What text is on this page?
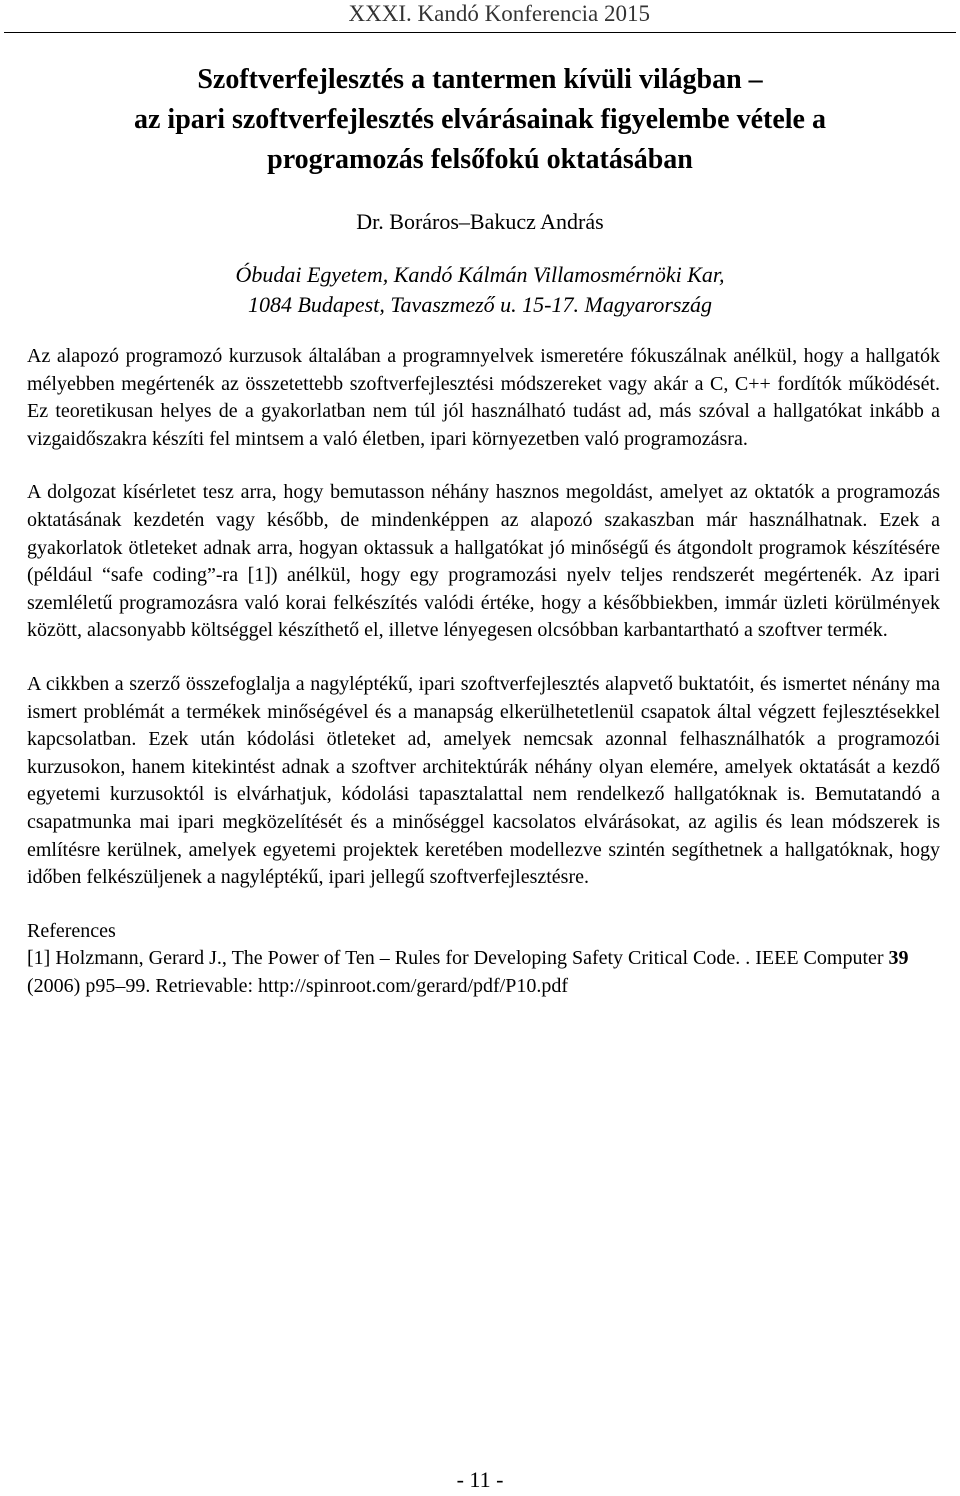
XXXI. Kandó Konferencia 2015
Szoftverfejlesztés a tantermen kívüli világban –
az ipari szoftverfejlesztés elvárásainak figyelembe vétele a
programozás felsőfokú oktatásában
Dr. Boráros–Bakucz András
Óbudai Egyetem, Kandó Kálmán Villamosmérnöki Kar,
1084 Budapest, Tavaszmező u. 15-17. Magyarország

Az alapozó programozó kurzusok általában a programnyelvek ismeretére fókuszálnak anélkül, hogy a hallgatók mélyebben megértenék az összetettebb szoftverfejlesztési módszereket vagy akár a C, C++ fordítók működését. Ez teoretikusan helyes de a gyakorlatban nem túl jól használható tudást ad, más szóval a hallgatókat inkább a vizgaidőszakra készíti fel mintsem a való életben, ipari környezetben való programozásra.

A dolgozat kísérletet tesz arra, hogy bemutasson néhány hasznos megoldást, amelyet az oktatók a programozás oktatásának kezdetén vagy később, de mindenképpen az alapozó szakaszban már használhatnak. Ezek a gyakorlatok ötleteket adnak arra, hogyan oktassuk a hallgatókat jó minőségű és átgondolt programok készítésére (például “safe coding”-ra [1]) anélkül, hogy egy programozási nyelv teljes rendszerét megértenék. Az ipari szemléletű programozásra való korai felkészítés valódi értéke, hogy a későbbiekben, immár üzleti körülmények között, alacsonyabb költséggel készíthető el, illetve lényegesen olcsóbban karbantartható a szoftver termék.

A cikkben a szerző összefoglalja a nagyléptékű, ipari szoftverfejlesztés alapvető buktatóit, és ismertet nénány ma ismert problémát a termékek minőségével és a manapság elkerülhetetlenül csapatok által végzett fejlesztésekkel kapcsolatban. Ezek után kódolási ötleteket ad, amelyek nemcsak azonnal felhasználhatók a programozói kurzusokon, hanem kitekintést adnak a szoftver architektúrák néhány olyan elemére, amelyek oktatását a kezdő egyetemi kurzusoktól is elvárhatjuk, kódolási tapasztalattal nem rendelkező hallgatóknak is. Bemutatandó a csapatmunka mai ipari megközelítését és a minőséggel kacsolatos elvárásokat, az agilis és lean módszerek is említésre kerülnek, amelyek egyetemi projektek keretében modellezve szintén segíthetnek a hallgatóknak, hogy időben felkészüljenek a nagyléptékű, ipari jellegű szoftverfejlesztésre.

References
[1] Holzmann, Gerard J., The Power of Ten – Rules for Developing Safety Critical Code. . IEEE Computer 39 (2006) p95–99. Retrievable: http://spinroot.com/gerard/pdf/P10.pdf
- 11 -
